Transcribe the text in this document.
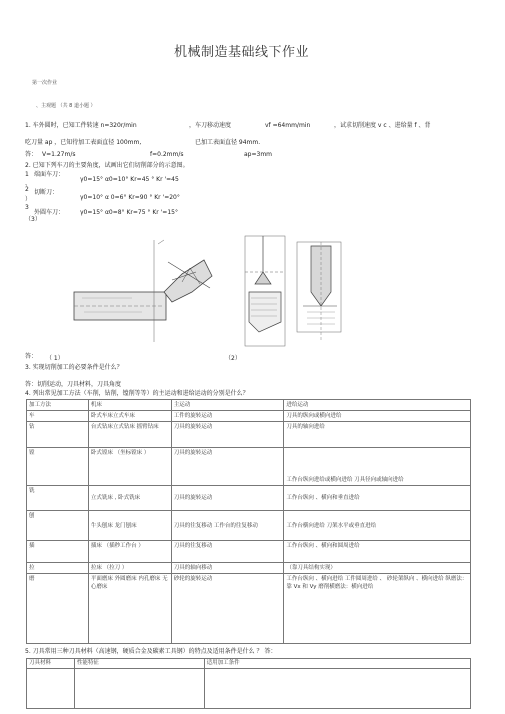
机械制造基础线下作业
第一次作业
、主观题 （共 8 道小题 ）
1. 车外圆时，已知工件转速 n=320r/min	，车刀移动速度	vf =64mm/min	，试求切削速度 v c 、进给量 f 、背
吃刀量 ap ，已知待加工表面直径 100mm,	已加工表面直径 94mm.
答： V=1.27m/s	f=0.2mm/s	ap=3mm
2. 已知下列车刀的主要角度，试画出它们切削部分的示意图。
1 端面车刀：
γ0=15° α0=10° Κr=45 ° Κr '=45
、
2 切断刀：
γ0=10° α 0=6° Κr=90 ° Κr '=20°
）
3
外圆车刀：	γ0=15° α0=8° Κr=75 ° Κr '=15°
（3）
答： （ 1）	（2）
3. 实现切削加工的必要条件是什么？
答：切削运动，刀具材料，刀具角度
4. 列出常见加工方法（车削，钻削，镗削等等）的主运动和进给运动的分别是什么？
加工方法	机床	主运动	进给运动
车	卧式车床立式车床	工件的旋转运动	刀具的纵向或横向进给
钻	台式钻床立式钻床 摇臂钻床	刀具的旋转运动	刀具的轴向进给
镗	卧式镗床 （坐标镗床 ）	刀具的旋转运动	工作台纵向进给或横向进给 刀具径向或轴向进给
铣	立式铣床 , 卧式铣床	刀具的旋转运动	工作台纵向 、横向和垂直进给
刨	牛头刨床 龙门刨床	刀具的往复移动 工作台的往复移动	工作台横向进给 刀架水平或垂直进给
插	插床 （插秒工作台 ）	刀具的往复移动	工作台纵向 、横向和圆周进给
拉	拉床 （拉刀 ）	刀具的轴向移动	（靠刀具结构实现）
磨	平面磨床 外圆磨床 内孔磨床 无心磨床	砂轮的旋转运动	工作台纵向 、横向进给 工件圆周进给 、 砂轮架纵向 、横向进给 纵磨法：靠 Vx 和 Vy 磨削横磨法：横向进给
5. 刀具常用三种刀具材料（高速钢，硬质合金及碳素工具钢）的特点及适用条件是什么 ？ 答：
刀具材料	性能特征	适用加工条件
